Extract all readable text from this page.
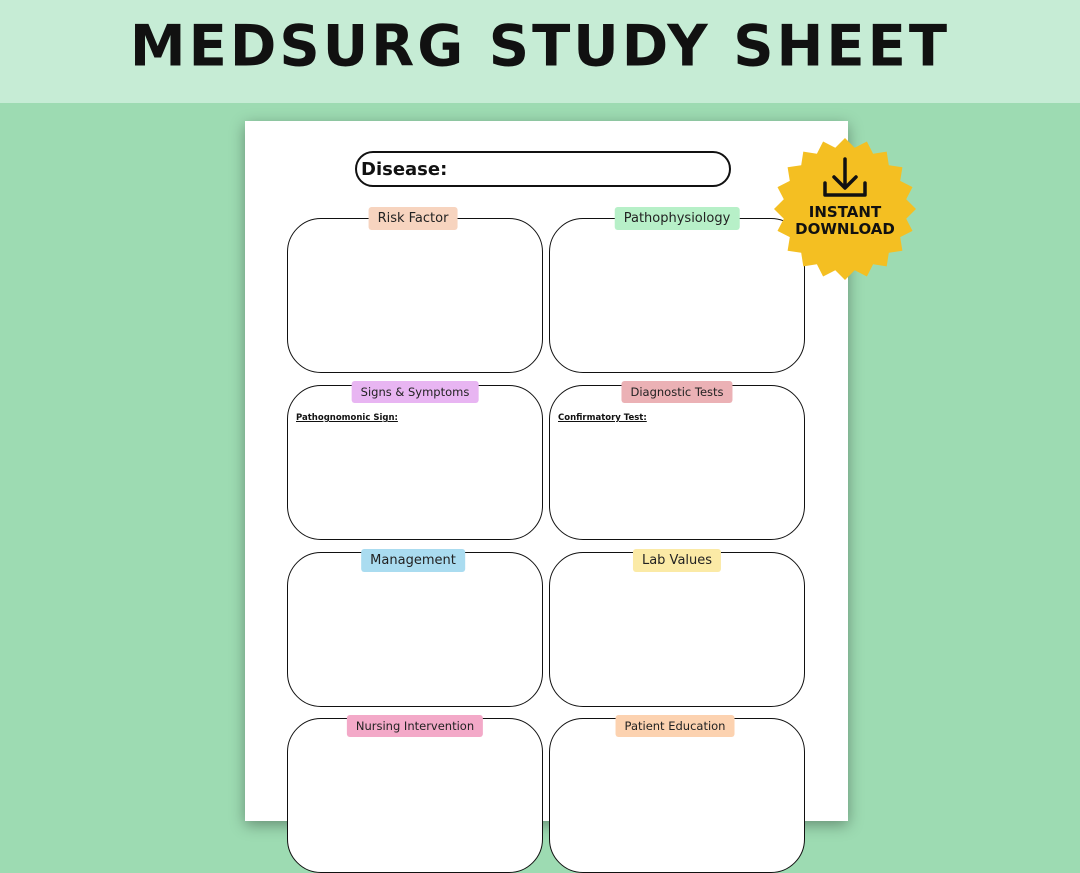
MEDSURG STUDY SHEET
Disease:
Risk Factor	Pathophysiology
Pathognomonic Sign:
Signs & Symptoms
Confirmatory Test:
Diagnostic Tests
Management	Lab Values
Nursing Intervention	Patient Education
INSTANT
DOWNLOAD
